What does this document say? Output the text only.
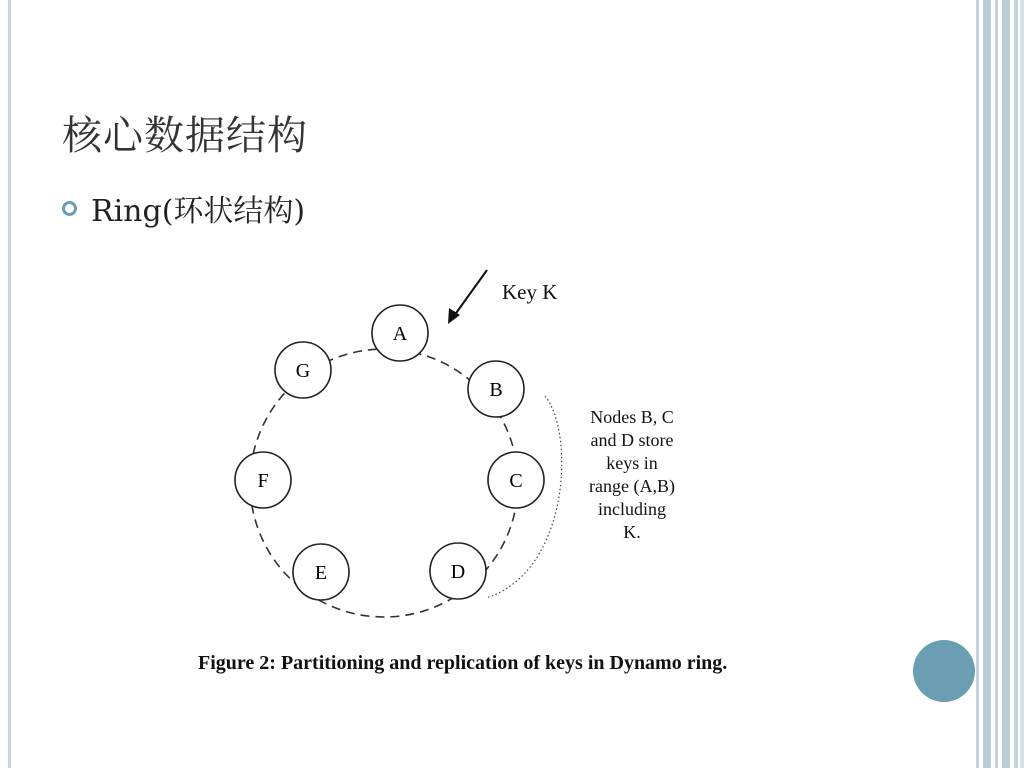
核心数据结构
Ring(环状结构)
Key K
A
B
C
D
E
F
G
Nodes B, C
and D store
keys in
range (A,B)
including
K.
Figure 2: Partitioning and replication of keys in Dynamo ring.
